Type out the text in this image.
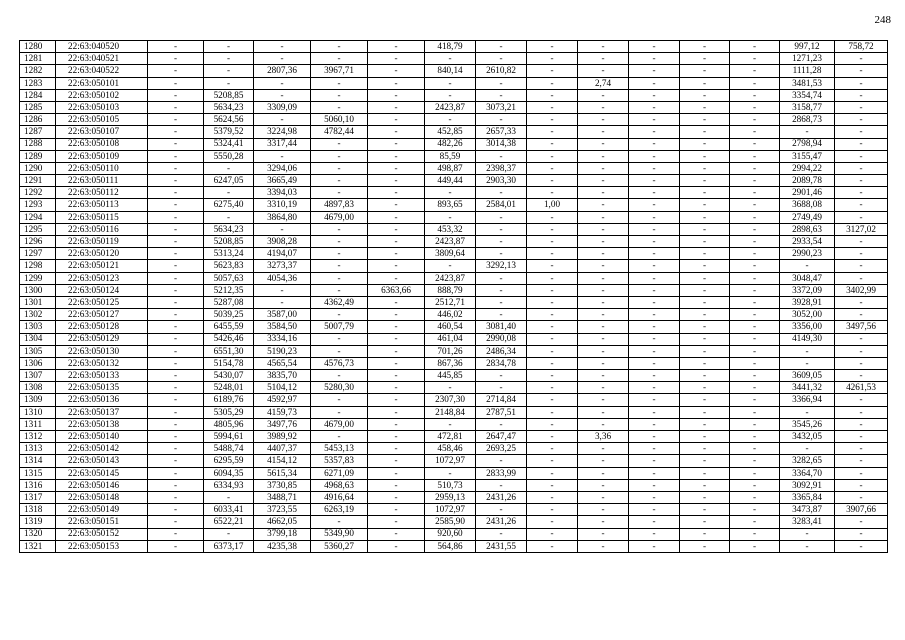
248
1280	22:63:040520	-	-	-	-	-	418,79	-	-	-	-	-	-	997,12	758,72
1281	22:63:040521	-	-	-	-	-	-	-	-	-	-	-	-	1271,23	-
1282	22:63:040522	-	-	2807,36	3967,71	-	840,14	2610,82	-	-	-	-	-	1111,28	-
1283	22:63:050101	-	-	-	-	-	-	-	-	2,74	-	-	-	3481,53	-
1284	22:63:050102	-	5208,85	-	-	-	-	-	-	-	-	-	-	3354,74	-
1285	22:63:050103	-	5634,23	3309,09	-	-	2423,87	3073,21	-	-	-	-	-	3158,77	-
1286	22:63:050105	-	5624,56	-	5060,10	-	-	-	-	-	-	-	-	2868,73	-
1287	22:63:050107	-	5379,52	3224,98	4782,44	-	452,85	2657,33	-	-	-	-	-	-	-
1288	22:63:050108	-	5324,41	3317,44	-	-	482,26	3014,38	-	-	-	-	-	2798,94	-
1289	22:63:050109	-	5550,28	-	-	-	85,59	-	-	-	-	-	-	3155,47	-
1290	22:63:050110	-	-	3294,06	-	-	498,87	2398,37	-	-	-	-	-	2994,22	-
1291	22:63:050111	-	6247,05	3665,49	-	-	449,44	2903,30	-	-	-	-	-	2089,78	-
1292	22:63:050112	-	-	3394,03	-	-	-	-	-	-	-	-	-	2901,46	-
1293	22:63:050113	-	6275,40	3310,19	4897,83	-	893,65	2584,01	1,00	-	-	-	-	3688,08	-
1294	22:63:050115	-	-	3864,80	4679,00	-	-	-	-	-	-	-	-	2749,49	-
1295	22:63:050116	-	5634,23	-	-	-	453,32	-	-	-	-	-	-	2898,63	3127,02
1296	22:63:050119	-	5208,85	3908,28	-	-	2423,87	-	-	-	-	-	-	2933,54	-
1297	22:63:050120	-	5313,24	4194,07	-	-	3809,64	-	-	-	-	-	-	2990,23	-
1298	22:63:050121	-	5623,83	3273,37	-	-	-	3292,13	-	-	-	-	-	-	-
1299	22:63:050123	-	5057,63	4054,36	-	-	2423,87	-	-	-	-	-	-	3048,47	-
1300	22:63:050124	-	5212,35	-	-	6363,66	888,79	-	-	-	-	-	-	3372,09	3402,99
1301	22:63:050125	-	5287,08	-	4362,49	-	2512,71	-	-	-	-	-	-	3928,91	-
1302	22:63:050127	-	5039,25	3587,00	-	-	446,02	-	-	-	-	-	-	3052,00	-
1303	22:63:050128	-	6455,59	3584,50	5007,79	-	460,54	3081,40	-	-	-	-	-	3356,00	3497,56
1304	22:63:050129	-	5426,46	3334,16	-	-	461,04	2990,08	-	-	-	-	-	4149,30	-
1305	22:63:050130	-	6551,30	5190,23	-	-	701,26	2486,34	-	-	-	-	-	-	-
1306	22:63:050132	-	5154,78	4565,54	4576,73	-	867,36	2834,78	-	-	-	-	-	-	-
1307	22:63:050133	-	5430,07	3835,70	-	-	445,85	-	-	-	-	-	-	3609,05	-
1308	22:63:050135	-	5248,01	5104,12	5280,30	-	-	-	-	-	-	-	-	3441,32	4261,53
1309	22:63:050136	-	6189,76	4592,97	-	-	2307,30	2714,84	-	-	-	-	-	3366,94	-
1310	22:63:050137	-	5305,29	4159,73	-	-	2148,84	2787,51	-	-	-	-	-	-	-
1311	22:63:050138	-	4805,96	3497,76	4679,00	-	-	-	-	-	-	-	-	3545,26	-
1312	22:63:050140	-	5994,61	3989,92	-	-	472,81	2647,47	-	3,36	-	-	-	3432,05	-
1313	22:63:050142	-	5488,74	4407,37	5453,13	-	458,46	2693,25	-	-	-	-	-	-	-
1314	22:63:050143	-	6295,59	4154,12	5357,83	-	1072,97	-	-	-	-	-	-	3282,65	-
1315	22:63:050145	-	6094,35	5615,34	6271,09	-	-	2833,99	-	-	-	-	-	3364,70	-
1316	22:63:050146	-	6334,93	3730,85	4968,63	-	510,73	-	-	-	-	-	-	3092,91	-
1317	22:63:050148	-	-	3488,71	4916,64	-	2959,13	2431,26	-	-	-	-	-	3365,84	-
1318	22:63:050149	-	6033,41	3723,55	6263,19	-	1072,97	-	-	-	-	-	-	3473,87	3907,66
1319	22:63:050151	-	6522,21	4662,05	-	-	2585,90	2431,26	-	-	-	-	-	3283,41	-
1320	22:63:050152	-	-	3799,18	5349,90	-	920,60	-	-	-	-	-	-	-	-
1321	22:63:050153	-	6373,17	4235,38	5360,27	-	564,86	2431,55	-	-	-	-	-	-	-
